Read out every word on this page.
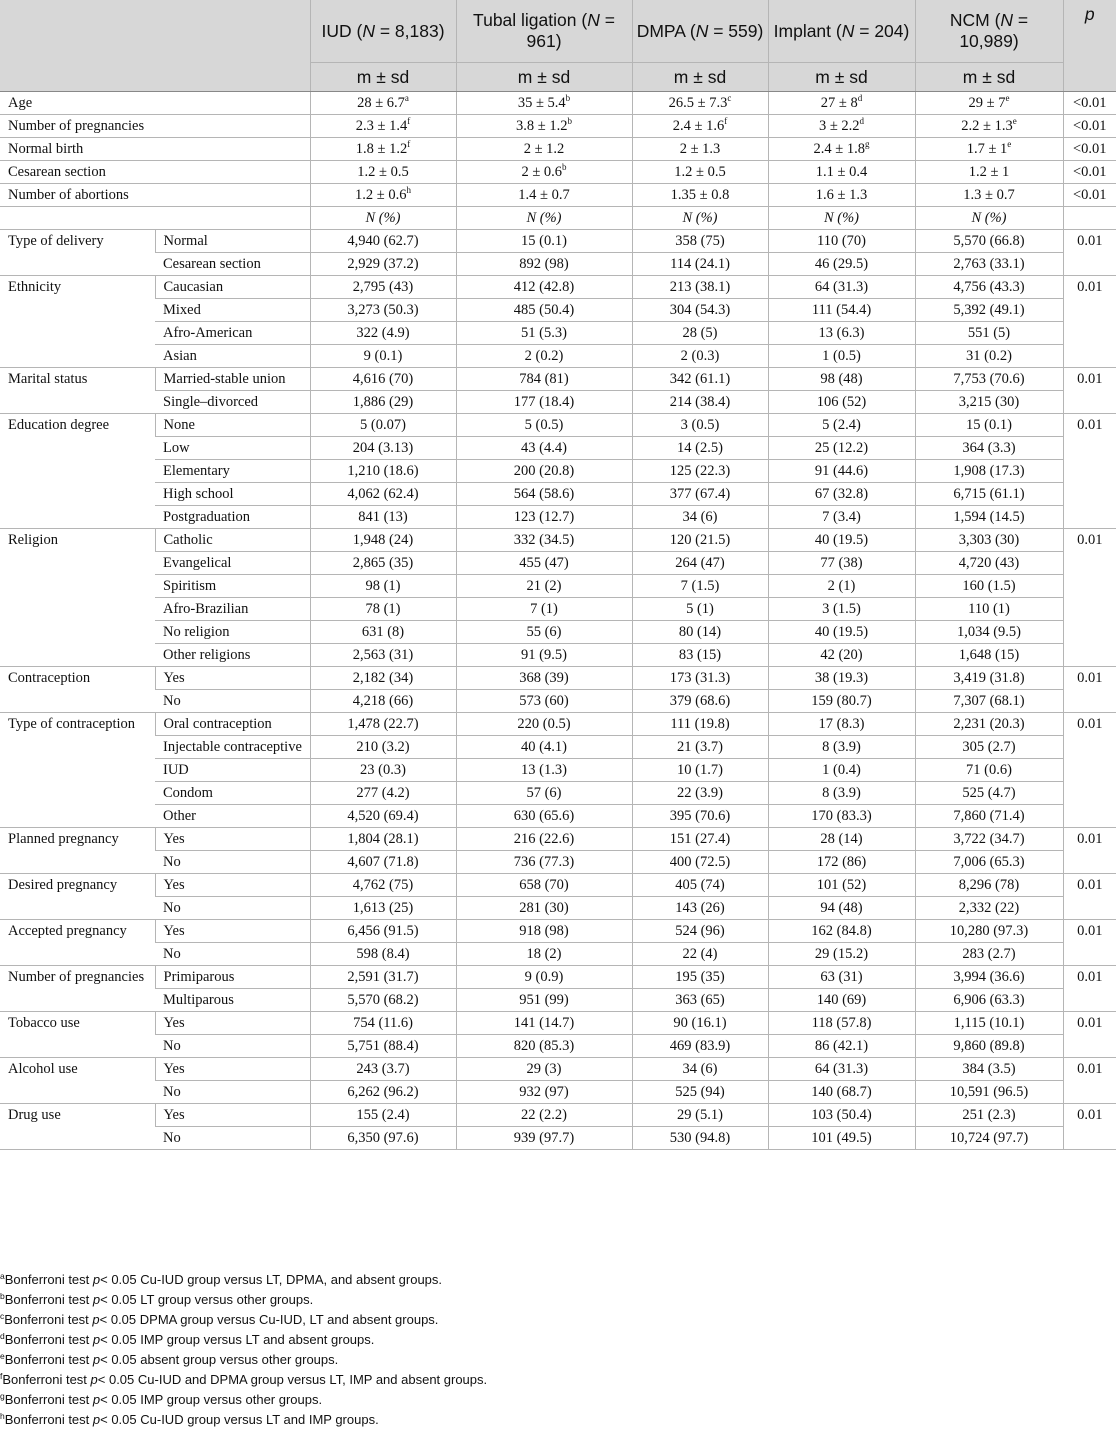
		IUD (N = 8,183)	Tubal ligation (N = 961)	DMPA (N = 559)	Implant (N = 204)	NCM (N = 10,989)	p
		m ± sd	m ± sd	m ± sd	m ± sd	m ± sd	
Age		28 ± 6.7$^a$	35 ± 5.4$^b$	26.5 ± 7.3$^c$	$27 \pm 8^d$	$29 \pm 7^e$	<0.01
Number of pregnancies		2.3 ± 1.4$^f$	3.8 ± 1.2$^b$	2.4 ± 1.6$^f$	3 ± 2.2$^d$	2.2 ± 1.3$^e$	<0.01
Normal birth		1.8 ± 1.2$^f$	2 ± 1.2	2 ± 1.3	2.4 ± 1.8$^g$	$1.7 \pm 1^e$	<0.01
Cesarean section		1.2 ± 0.5	2 ± 0.6$^b$	1.2 ± 0.5	1.1 ± 0.4	1.2 ± 1	<0.01
Number of abortions		1.2 ± 0.6$^h$	1.4 ± 0.7	1.35 ± 0.8	1.6 ± 1.3	1.3 ± 0.7	<0.01
		N (%)	N (%)	N (%)	N (%)	N (%)	
Type of delivery	Normal	4,940 (62.7)	15 (0.1)	358 (75)	110 (70)	5,570 (66.8)	0.01
	Cesarean section	2,929 (37.2)	892 (98)	114 (24.1)	46 (29.5)	2,763 (33.1)	
Ethnicity	Caucasian	2,795 (43)	412 (42.8)	213 (38.1)	64 (31.3)	4,756 (43.3)	0.01
	Mixed	3,273 (50.3)	485 (50.4)	304 (54.3)	111 (54.4)	5,392 (49.1)	
	Afro-American	322 (4.9)	51 (5.3)	28 (5)	13 (6.3)	551 (5)	
	Asian	9 (0.1)	2 (0.2)	2 (0.3)	1 (0.5)	31 (0.2)	
Marital status	Married-stable union	4,616 (70)	784 (81)	342 (61.1)	98 (48)	7,753 (70.6)	0.01
	Single–divorced	1,886 (29)	177 (18.4)	214 (38.4)	106 (52)	3,215 (30)	
Education degree	None	5 (0.07)	5 (0.5)	3 (0.5)	5 (2.4)	15 (0.1)	0.01
	Low	204 (3.13)	43 (4.4)	14 (2.5)	25 (12.2)	364 (3.3)	
	Elementary	1,210 (18.6)	200 (20.8)	125 (22.3)	91 (44.6)	1,908 (17.3)	
	High school	4,062 (62.4)	564 (58.6)	377 (67.4)	67 (32.8)	6,715 (61.1)	
	Postgraduation	841 (13)	123 (12.7)	34 (6)	7 (3.4)	1,594 (14.5)	
Religion	Catholic	1,948 (24)	332 (34.5)	120 (21.5)	40 (19.5)	3,303 (30)	0.01
	Evangelical	2,865 (35)	455 (47)	264 (47)	77 (38)	4,720 (43)	
	Spiritism	98 (1)	21 (2)	7 (1.5)	2 (1)	160 (1.5)	
	Afro-Brazilian	78 (1)	7 (1)	5 (1)	3 (1.5)	110 (1)	
	No religion	631 (8)	55 (6)	80 (14)	40 (19.5)	1,034 (9.5)	
	Other religions	2,563 (31)	91 (9.5)	83 (15)	42 (20)	1,648 (15)	
Contraception	Yes	2,182 (34)	368 (39)	173 (31.3)	38 (19.3)	3,419 (31.8)	0.01
	No	4,218 (66)	573 (60)	379 (68.6)	159 (80.7)	7,307 (68.1)	
Type of contraception	Oral contraception	1,478 (22.7)	220 (0.5)	111 (19.8)	17 (8.3)	2,231 (20.3)	0.01
	Injectable contraceptive	210 (3.2)	40 (4.1)	21 (3.7)	8 (3.9)	305 (2.7)	
	IUD	23 (0.3)	13 (1.3)	10 (1.7)	1 (0.4)	71 (0.6)	
	Condom	277 (4.2)	57 (6)	22 (3.9)	8 (3.9)	525 (4.7)	
	Other	4,520 (69.4)	630 (65.6)	395 (70.6)	170 (83.3)	7,860 (71.4)	
Planned pregnancy	Yes	1,804 (28.1)	216 (22.6)	151 (27.4)	28 (14)	3,722 (34.7)	0.01
	No	4,607 (71.8)	736 (77.3)	400 (72.5)	172 (86)	7,006 (65.3)	
Desired pregnancy	Yes	4,762 (75)	658 (70)	405 (74)	101 (52)	8,296 (78)	0.01
	No	1,613 (25)	281 (30)	143 (26)	94 (48)	2,332 (22)	
Accepted pregnancy	Yes	6,456 (91.5)	918 (98)	524 (96)	162 (84.8)	10,280 (97.3)	0.01
	No	598 (8.4)	18 (2)	22 (4)	29 (15.2)	283 (2.7)	
Number of pregnancies	Primiparous	2,591 (31.7)	9 (0.9)	195 (35)	63 (31)	3,994 (36.6)	0.01
	Multiparous	5,570 (68.2)	951 (99)	363 (65)	140 (69)	6,906 (63.3)	
Tobacco use	Yes	754 (11.6)	141 (14.7)	90 (16.1)	118 (57.8)	1,115 (10.1)	0.01
	No	5,751 (88.4)	820 (85.3)	469 (83.9)	86 (42.1)	9,860 (89.8)	
Alcohol use	Yes	243 (3.7)	29 (3)	34 (6)	64 (31.3)	384 (3.5)	0.01
	No	6,262 (96.2)	932 (97)	525 (94)	140 (68.7)	10,591 (96.5)	
Drug use	Yes	155 (2.4)	22 (2.2)	29 (5.1)	103 (50.4)	251 (2.3)	0.01
	No	6,350 (97.6)	939 (97.7)	530 (94.8)	101 (49.5)	10,724 (97.7)	
$^a$Bonferroni test p< 0.05 Cu-IUD group versus LT, DPMA, and absent groups.
$^b$Bonferroni test p< 0.05 LT group versus other groups.
$^c$Bonferroni test p< 0.05 DPMA group versus Cu-IUD, LT and absent groups.
$^d$Bonferroni test p< 0.05 IMP group versus LT and absent groups.
$^e$Bonferroni test p< 0.05 absent group versus other groups.
$^f$Bonferroni test p< 0.05 Cu-IUD and DPMA group versus LT, IMP and absent groups.
$^g$Bonferroni test p< 0.05 IMP group versus other groups.
$^h$Bonferroni test p< 0.05 Cu-IUD group versus LT and IMP groups.
